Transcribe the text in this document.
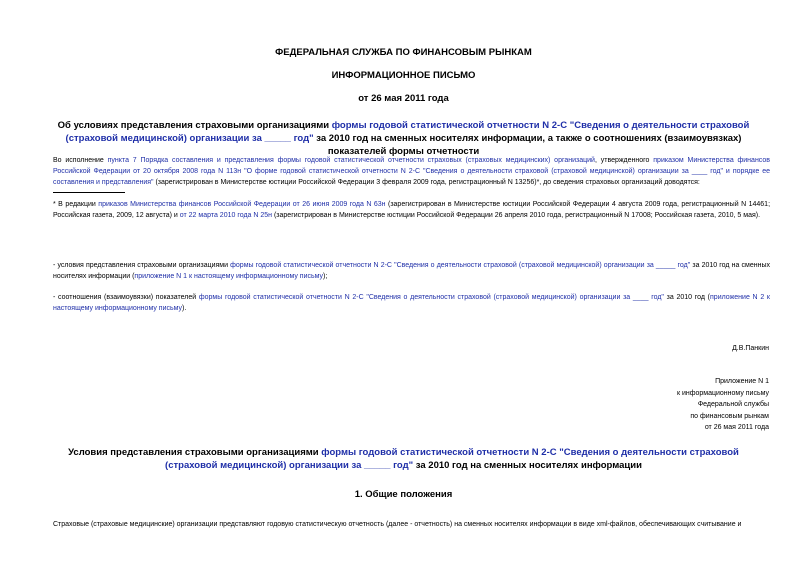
ФЕДЕРАЛЬНАЯ СЛУЖБА ПО ФИНАНСОВЫМ РЫНКАМ
ИНФОРМАЦИОННОЕ ПИСЬМО
от 26 мая 2011 года
Об условиях представления страховыми организациями формы годовой статистической отчетности N 2-С "Сведения о деятельности страховой (страховой медицинской) организации за _____ год" за 2010 год на сменных носителях информации, а также о соотношениях (взаимоувязках) показателей формы отчетности
Во исполнение пункта 7 Порядка составления и представления формы годовой статистической отчетности страховых (страховых медицинских) организаций, утвержденного приказом Министерства финансов Российской Федерации от 20 октября 2008 года N 113н "О форме годовой статистической отчетности N 2-С "Сведения о деятельности страховой (страховой медицинской) организации за ____ год" и порядке ее составления и представления" (зарегистрирован в Министерстве юстиции Российской Федерации 3 февраля 2009 года, регистрационный N 13256)*, до сведения страховых организаций доводятся:
* В редакции приказов Министерства финансов Российской Федерации от 26 июня 2009 года N 63н (зарегистрирован в Министерстве юстиции Российской Федерации 4 августа 2009 года, регистрационный N 14461; Российская газета, 2009, 12 августа) и от 22 марта 2010 года N 25н (зарегистрирован в Министерстве юстиции Российской Федерации 26 апреля 2010 года, регистрационный N 17008; Российская газета, 2010, 5 мая).
- условия представления страховыми организациями формы годовой статистической отчетности N 2-С "Сведения о деятельности страховой (страховой медицинской) организации за _____ год" за 2010 год на сменных носителях информации (приложение N 1 к настоящему информационному письму);
- соотношения (взаимоувязки) показателей формы годовой статистической отчетности N 2-С "Сведения о деятельности страховой (страховой медицинской) организации за ____ год" за 2010 год (приложение N 2 к настоящему информационному письму).
Д.В.Панкин
Приложение N 1
к информационному письму
Федеральной службы
по финансовым рынкам
от 26 мая 2011 года
Условия представления страховыми организациями формы годовой статистической отчетности N 2-С "Сведения о деятельности страховой (страховой медицинской) организации за _____ год" за 2010 год на сменных носителях информации
1. Общие положения
Страховые (страховые медицинские) организации представляют годовую статистическую отчетность (далее - отчетность) на сменных носителях информации в виде xml-файлов, обеспечивающих считывание и
